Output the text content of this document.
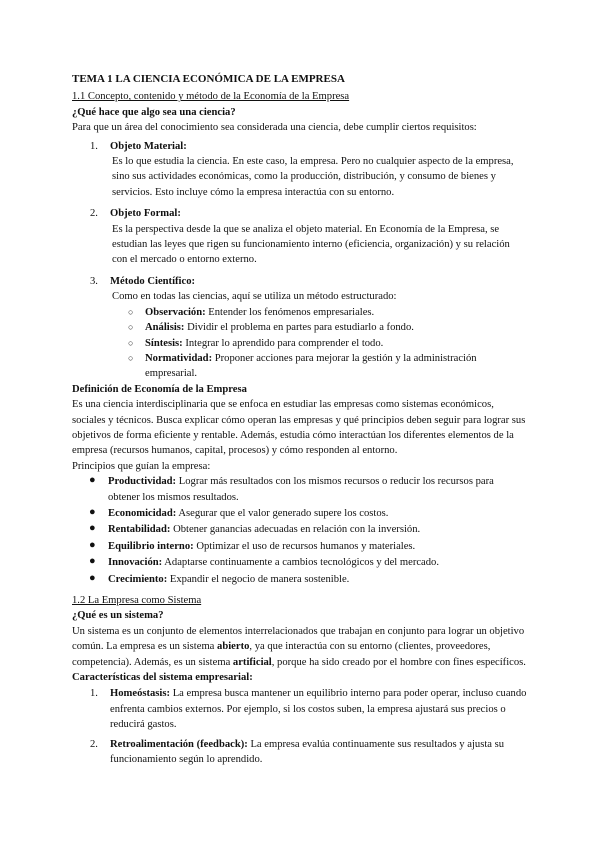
TEMA 1 LA CIENCIA ECONÓMICA DE LA EMPRESA

1.1 Concepto, contenido y método de la Economía de la Empresa

¿Qué hace que algo sea una ciencia?

Para que un área del conocimiento sea considerada una ciencia, debe cumplir ciertos requisitos:

1. Objeto Material:

Es lo que estudia la ciencia. En este caso, la empresa. Pero no cualquier aspecto de la empresa, sino sus actividades económicas, como la producción, distribución, y consumo de bienes y servicios. Esto incluye cómo la empresa interactúa con su entorno.

2. Objeto Formal:

Es la perspectiva desde la que se analiza el objeto material. En Economía de la Empresa, se estudian las leyes que rigen su funcionamiento interno (eficiencia, organización) y su relación con el mercado o entorno externo.

3. Método Científico:

Como en todas las ciencias, aquí se utiliza un método estructurado:

○ Observación: Entender los fenómenos empresariales.
○ Análisis: Dividir el problema en partes para estudiarlo a fondo.
○ Síntesis: Integrar lo aprendido para comprender el todo.
○ Normatividad: Proponer acciones para mejorar la gestión y la administración empresarial.

Definición de Economía de la Empresa

Es una ciencia interdisciplinaria que se enfoca en estudiar las empresas como sistemas económicos, sociales y técnicos. Busca explicar cómo operan las empresas y qué principios deben seguir para lograr sus objetivos de forma eficiente y rentable. Además, estudia cómo interactúan los diferentes elementos de la empresa (recursos humanos, capital, procesos) y cómo responden al entorno.

Principios que guían la empresa:

● Productividad: Lograr más resultados con los mismos recursos o reducir los recursos para obtener los mismos resultados.
● Economicidad: Asegurar que el valor generado supere los costos.
● Rentabilidad: Obtener ganancias adecuadas en relación con la inversión.
● Equilibrio interno: Optimizar el uso de recursos humanos y materiales.
● Innovación: Adaptarse continuamente a cambios tecnológicos y del mercado.
● Crecimiento: Expandir el negocio de manera sostenible.

1.2 La Empresa como Sistema

¿Qué es un sistema?

Un sistema es un conjunto de elementos interrelacionados que trabajan en conjunto para lograr un objetivo común. La empresa es un sistema abierto, ya que interactúa con su entorno (clientes, proveedores, competencia). Además, es un sistema artificial, porque ha sido creado por el hombre con fines específicos.

Características del sistema empresarial:

1. Homeóstasis: La empresa busca mantener un equilibrio interno para poder operar, incluso cuando enfrenta cambios externos. Por ejemplo, si los costos suben, la empresa ajustará sus precios o reducirá gastos.

2. Retroalimentación (feedback): La empresa evalúa continuamente sus resultados y ajusta su funcionamiento según lo aprendido.
